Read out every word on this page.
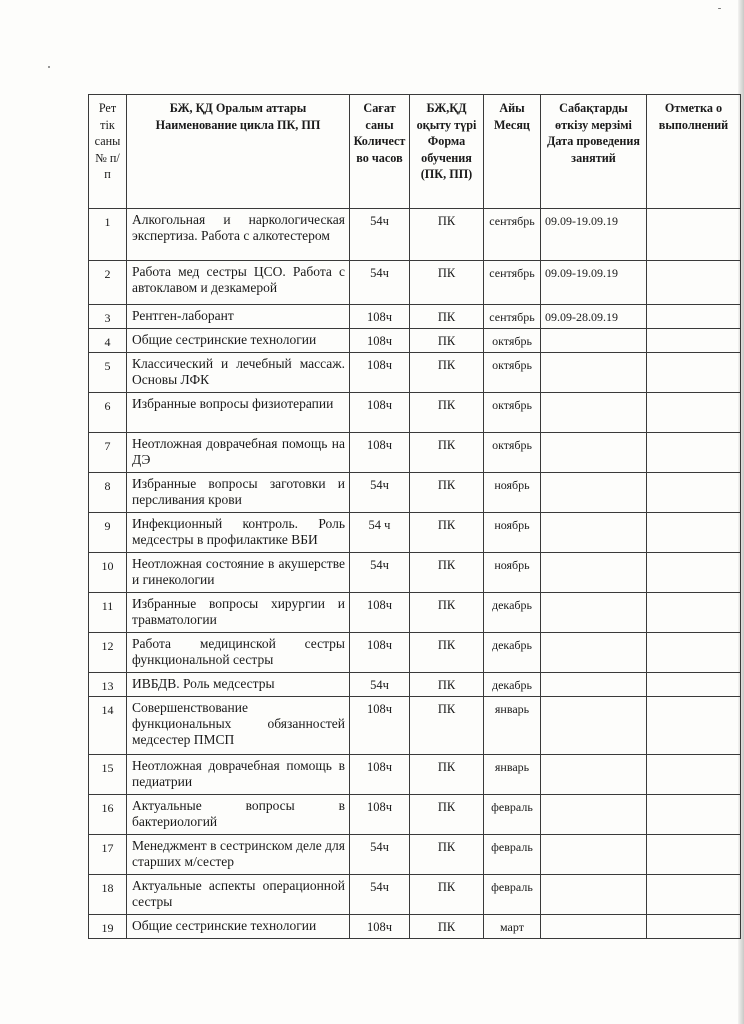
Рет тік саны № п/п	БЖ, ҚД Оралым аттары Наименование цикла ПК, ПП	Сағат саны Количест во часов	БЖ,ҚД оқыту түрі Форма обучения (ПК, ПП)	Айы Месяц	Сабақтарды өткізу мерзімі Дата проведения занятий	Отметка о выполнений
1	Алкогольная и наркологическая экспертиза. Работа с алкотестером	54ч	ПК	сентябрь	09.09-19.09.19	
2	Работа мед сестры ЦСО. Работа с автоклавом и дезкамерой	54ч	ПК	сентябрь	09.09-19.09.19	
3	Рентген-лаборант	108ч	ПК	сентябрь	09.09-28.09.19	
4	Общие сестринские технологии	108ч	ПК	октябрь		
5	Классический и лечебный массаж. Основы ЛФК	108ч	ПК	октябрь		
6	Избранные вопросы физиотерапии	108ч	ПК	октябрь		
7	Неотложная доврачебная помощь на ДЭ	108ч	ПК	октябрь		
8	Избранные вопросы заготовки и перcливания крови	54ч	ПК	ноябрь		
9	Инфекционный контроль. Роль медсестры в профилактике ВБИ	54 ч	ПК	ноябрь		
10	Неотложная состояние в акушерстве и гинекологии	54ч	ПК	ноябрь		
11	Избранные вопросы хирургии и травматологии	108ч	ПК	декабрь		
12	Работа медицинской сестры функциональной сестры	108ч	ПК	декабрь		
13	ИВБДВ. Роль медсестры	54ч	ПК	декабрь		
14	Совершенствование функциональных обязанностей медсестер ПМСП	108ч	ПК	январь		
15	Неотложная доврачебная помощь в педиатрии	108ч	ПК	январь		
16	Актуальные вопросы в бактериологий	108ч	ПК	февраль		
17	Менеджмент в сестринском деле для старших м/сестер	54ч	ПК	февраль		
18	Актуальные аспекты операционной сестры	54ч	ПК	февраль		
19	Общие сестринские технологии	108ч	ПК	март		
